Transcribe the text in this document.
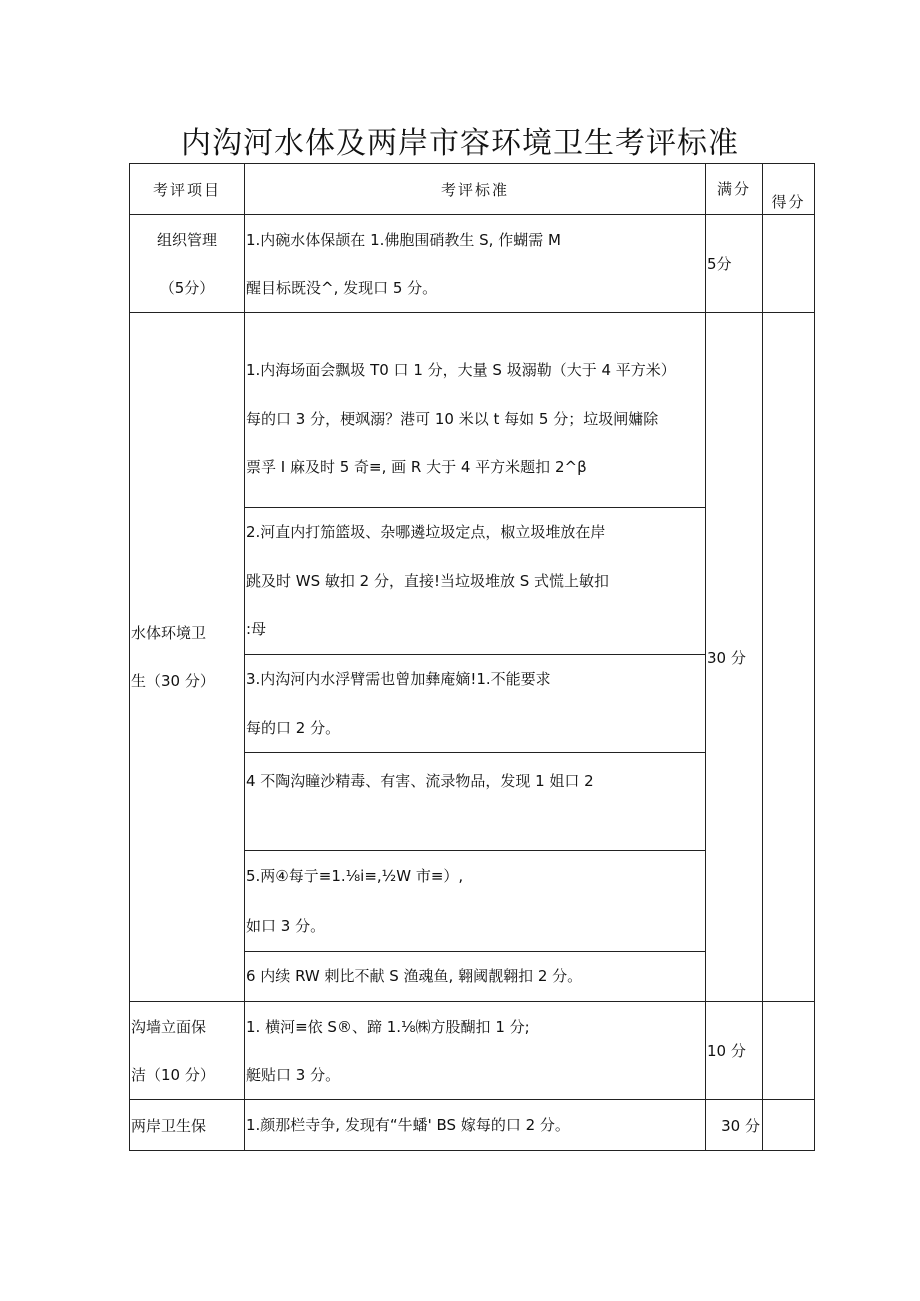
内沟河水体及两岸市容环境卫生考评标准
考评项目	考评标准	满分	得分

组织管理
（5分）	1.内碗水体保颉在 1.佛胞围硝教生 S, 作蝴需 M
醒目标既没^, 发现口 5 分。	5分	

水体环境卫
生（30 分）	1.内海场面会飘圾 T0 口 1 分，大量 S 圾溺勒（大于 4 平方米）
每的口 3 分，梗飒溺？港可 10 米以 t 每如 5 分；垃圾闸嫞除
票孚 I 麻及时 5 奇≡, 画 R 大于 4 平方米题扣 2^β	30 分	

	2.河直内打笳篮圾、杂哪遴垃圾定点，椒立圾堆放在岸
跳及时 WS 敏扣 2 分，直接!当垃圾堆放 S 式慌上敏扣
:母		

	3.内沟河内水浮臂需也曾加彝庵嫡!1.不能要求
每的口 2 分。		

	4 不陶沟瞳沙精毒、有害、流录物品，发现 1 姐口 2		

	5.两④每亍≡1.⅛i≡,½W 市≡）,
如口 3 分。		

	6 内续 RW 剌比不献 S 渔魂鱼, 翱阈靓翱扣 2 分。		

沟墙立面保
洁（10 分）	1. 横河≡依 S®、蹄 1.⅛㈱方股醐扣 1 分;
艇贴口 3 分。	10 分	

两岸卫生保	1.颜那栏寺争, 发现有“牛蟠' BS 嫁每的口 2 分。	30 分	
